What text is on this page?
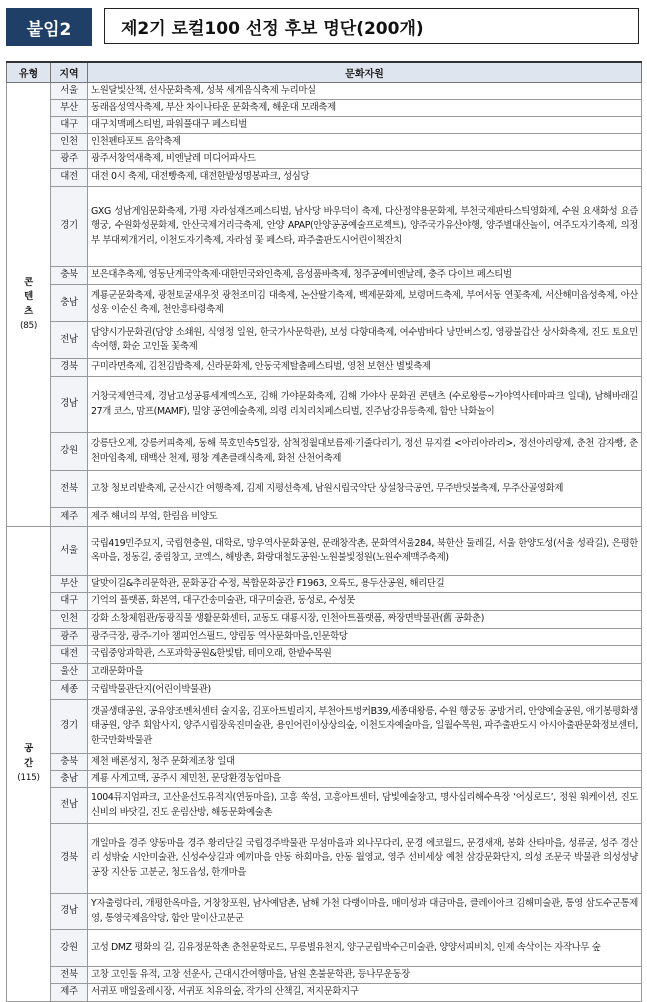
붙임2	제2기 로컬100 선정 후보 명단(200개)
유형	지역	문화자원

콘
텐
츠
(85)	서울	노원달빛산책, 선사문화축제, 성북 세계음식축제 누리마실
	부산	동래읍성역사축제, 부산 차이나타운 문화축제, 해운대 모래축제
	대구	대구치맥페스티벌, 파워풀대구 페스티벌
	인천	인천펜타포트 음악축제
	광주	광주서창억새축제, 비엔날레 미디어파사드
	대전	대전 0시 축제, 대전빵축제, 대전한밭성명봉파크, 성심당
	경기	GXG 성남게임문화축제, 가평 자라섬재즈페스티벌, 남사당 바우덕이 축제, 다산정약용문화제, 부천국제판타스틱영화제, 수원 요새화성 요즘행궁, 수원화성문화제, 안산국제거리극축제, 안양 APAP(안양공공예술프로젝트), 양주국가유산야행, 양주별대산놀이, 여주도자기축제, 의정부 부대찌개거리, 이천도자기축제, 자라섬 꽃 페스타, 파주출판도시어린이책잔치
	충북	보은대추축제, 영동난계국악축제·대한민국와인축제, 음성품바축제, 청주공예비엔날레, 충주 다이브 페스티벌
	충남	계룡군문화축제, 광천토굴새우젓 광천조미김 대축제, 논산딸기축제, 백제문화제, 보령머드축제, 부여서동 연꽃축제, 서산해미읍성축제, 아산 성웅 이순신 축제, 천안흥타령축제
	전남	담양시가문화권(담양 소쇄원, 식영정 일원, 한국가사문학관), 보성 다향대축제, 여수밤바다 낭만버스킹, 영광불갑산 상사화축제, 진도 토요민속여행, 화순 고인돌 꽃축제
	경북	구미라면축제, 김천김밥축제, 신라문화제, 안동국제탈춤페스티벌, 영천 보현산 별빛축제
	경남	거창국제연극제, 경남고성공룡세계엑스포, 김해 가야문화축제, 김해 가야사 문화권 콘텐츠 (수로왕릉~가야역사테마파크 일대), 남해바래길 27개 코스, 맘프(MAMF), 밀양 공연예술축제, 의령 리치리치페스티벌, 진주남강유등축제, 함안 낙화놀이
	강원	강릉단오제, 강릉커피축제, 동해 묵호민속5일장, 삼척정월대보름제·기줄다리기, 정선 뮤지컬 <아리아라리>, 정선아리랑제, 춘천 감자빵, 춘천마임축제, 태백산 천제, 평창 계촌클래식축제, 화천 산천어축제
	전북	고창 청보리밭축제, 군산시간 여행축제, 김제 지평선축제, 남원시립국악단 상설창극공연, 무주반딧불축제, 무주산골영화제
	제주	제주 해녀의 부엌, 한림읍 비양도

공
간
(115)	서울	국립419민주묘지, 국립현충원, 대학로, 망우역사문화공원, 문래창작촌, 문화역서울284, 북한산 둘레길, 서울 한양도성(서울 성곽길), 은평한옥마을, 정동길, 중림창고, 코엑스, 해방촌, 화랑대철도공원·노원불빛정원(노원수제맥주축제)
	부산	달맞이길&추리문학관, 문화공감 수정, 복합문화공간 F1963, 오륙도, 용두산공원, 해리단길
	대구	기억의 플랫폼, 화본역, 대구간송미술관, 대구미술관, 동성로, 수성못
	인천	강화 소창체험관/동광직물 생활문화센터, 교동도 대룡시장, 인천아트플랫폼, 짜장면박물관(舊 공화춘)
	광주	광주극장, 광주-기아 챔피언스필드, 양림동 역사문화마을,인문학당
	대전	국립중앙과학관, 스포과학공원&한빛탑, 테미오래, 한밭수목원
	울산	고래문화마을
	세종	국립박물관단지(어린이박물관)
	경기	갯골생태공원, 공유양조벤처센터 술지움, 김포아트빌리지, 부천아트벙커B39,세종대왕릉, 수원 행궁동 공방거리, 안양예술공원, 애기봉평화생태공원, 양주 회암사지, 양주시립장욱진미술관, 용인어린이상상의숲, 이천도자예술마을, 일월수목원, 파주출판도시 아시아출판문화정보센터, 한국만화박물관
	충북	제천 배론성지, 청주 문화제조창 일대
	충남	계룡 사계고택, 공주시 제민천, 문당환경농업마을
	전남	1004뮤지엄파크, 고산윤선도유적지(연동마을), 고흥 쑥섬, 고흥아트센터, 담빛예술창고, 명사십리해수욕장 ‘어싱로드’, 정원 워케이션, 진도 신비의 바닷길, 진도 운림산방, 해동문화예술촌
	경북	개일마을 경주 양동마을 경주 황리단길 국립경주박물관 무섬마을과 외나무다리, 문경 에코월드, 문경새재, 봉화 산타마을, 성류굴, 성주 경산리 성밖숲 시안미술관, 신성수상길과 예끼마을 안동 하회마을, 안동 월영교, 영주 선비세상 예천 삼강문화단지, 의성 조문국 박물관 의성성냥공장 지산동 고분군, 청도읍성, 한개마을
	경남	Y자출렁다리, 개평한옥마을, 거창창포원, 남사예담촌, 남해 가천 다랭이마을, 매미성과 대금마을, 클레이아크 김해미술관, 통영 삼도수군통제영, 통영국제음악당, 함안 말이산고분군
	강원	고성 DMZ 평화의 길, 김유정문학촌 춘천문학로드, 무릉별유천지, 양구군립박수근미술관, 양양서피비치, 인제 속삭이는 자작나무 숲
	전북	고창 고인돌 유적, 고창 선운사, 근대시간여행마을, 남원 혼불문학관, 등나무운동장
	제주	서귀포 매일올레시장, 서귀포 치유의숲, 작가의 산책길, 저지문화지구
